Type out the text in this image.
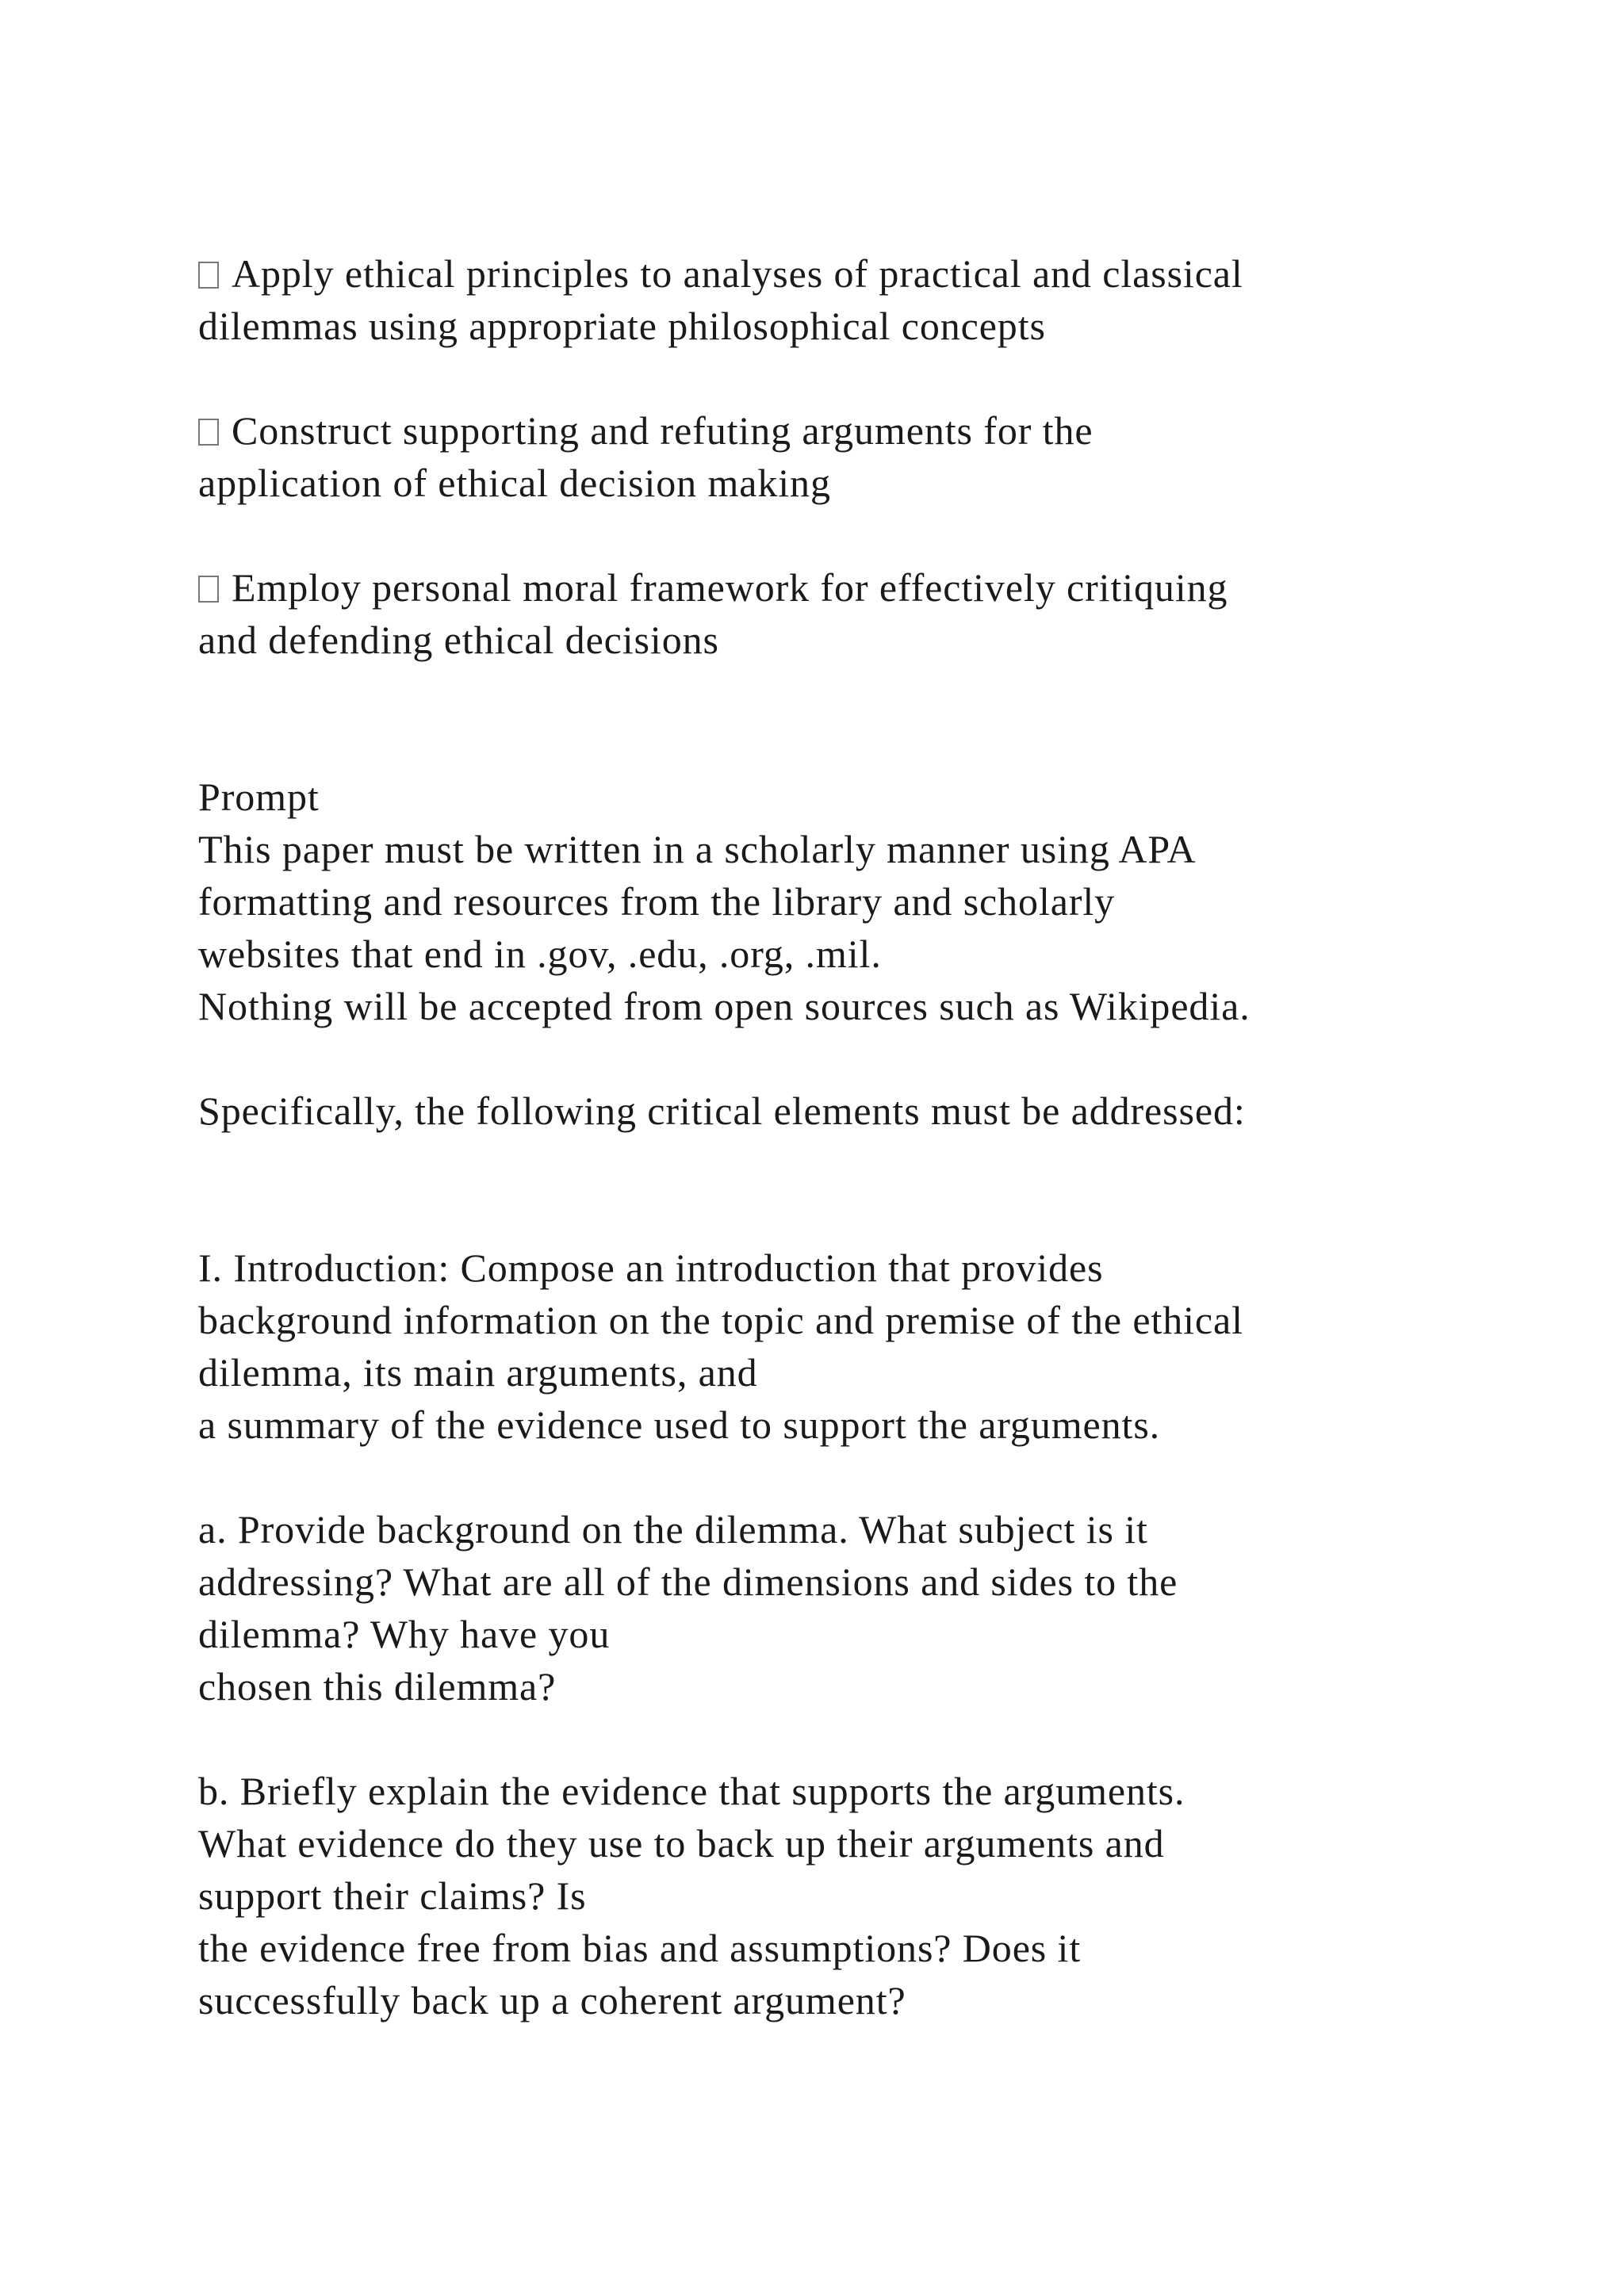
Apply ethical principles to analyses of practical and classical
dilemmas using appropriate philosophical concepts
Construct supporting and refuting arguments for the
application of ethical decision making
Employ personal moral framework for effectively critiquing
and defending ethical decisions
Prompt
This paper must be written in a scholarly manner using APA
formatting and resources from the library and scholarly
websites that end in .gov, .edu, .org, .mil.
Nothing will be accepted from open sources such as Wikipedia.
Specifically, the following critical elements must be addressed:
I. Introduction: Compose an introduction that provides
background information on the topic and premise of the ethical
dilemma, its main arguments, and
a summary of the evidence used to support the arguments.
a. Provide background on the dilemma. What subject is it
addressing? What are all of the dimensions and sides to the
dilemma? Why have you
chosen this dilemma?
b. Briefly explain the evidence that supports the arguments.
What evidence do they use to back up their arguments and
support their claims? Is
the evidence free from bias and assumptions? Does it
successfully back up a coherent argument?
